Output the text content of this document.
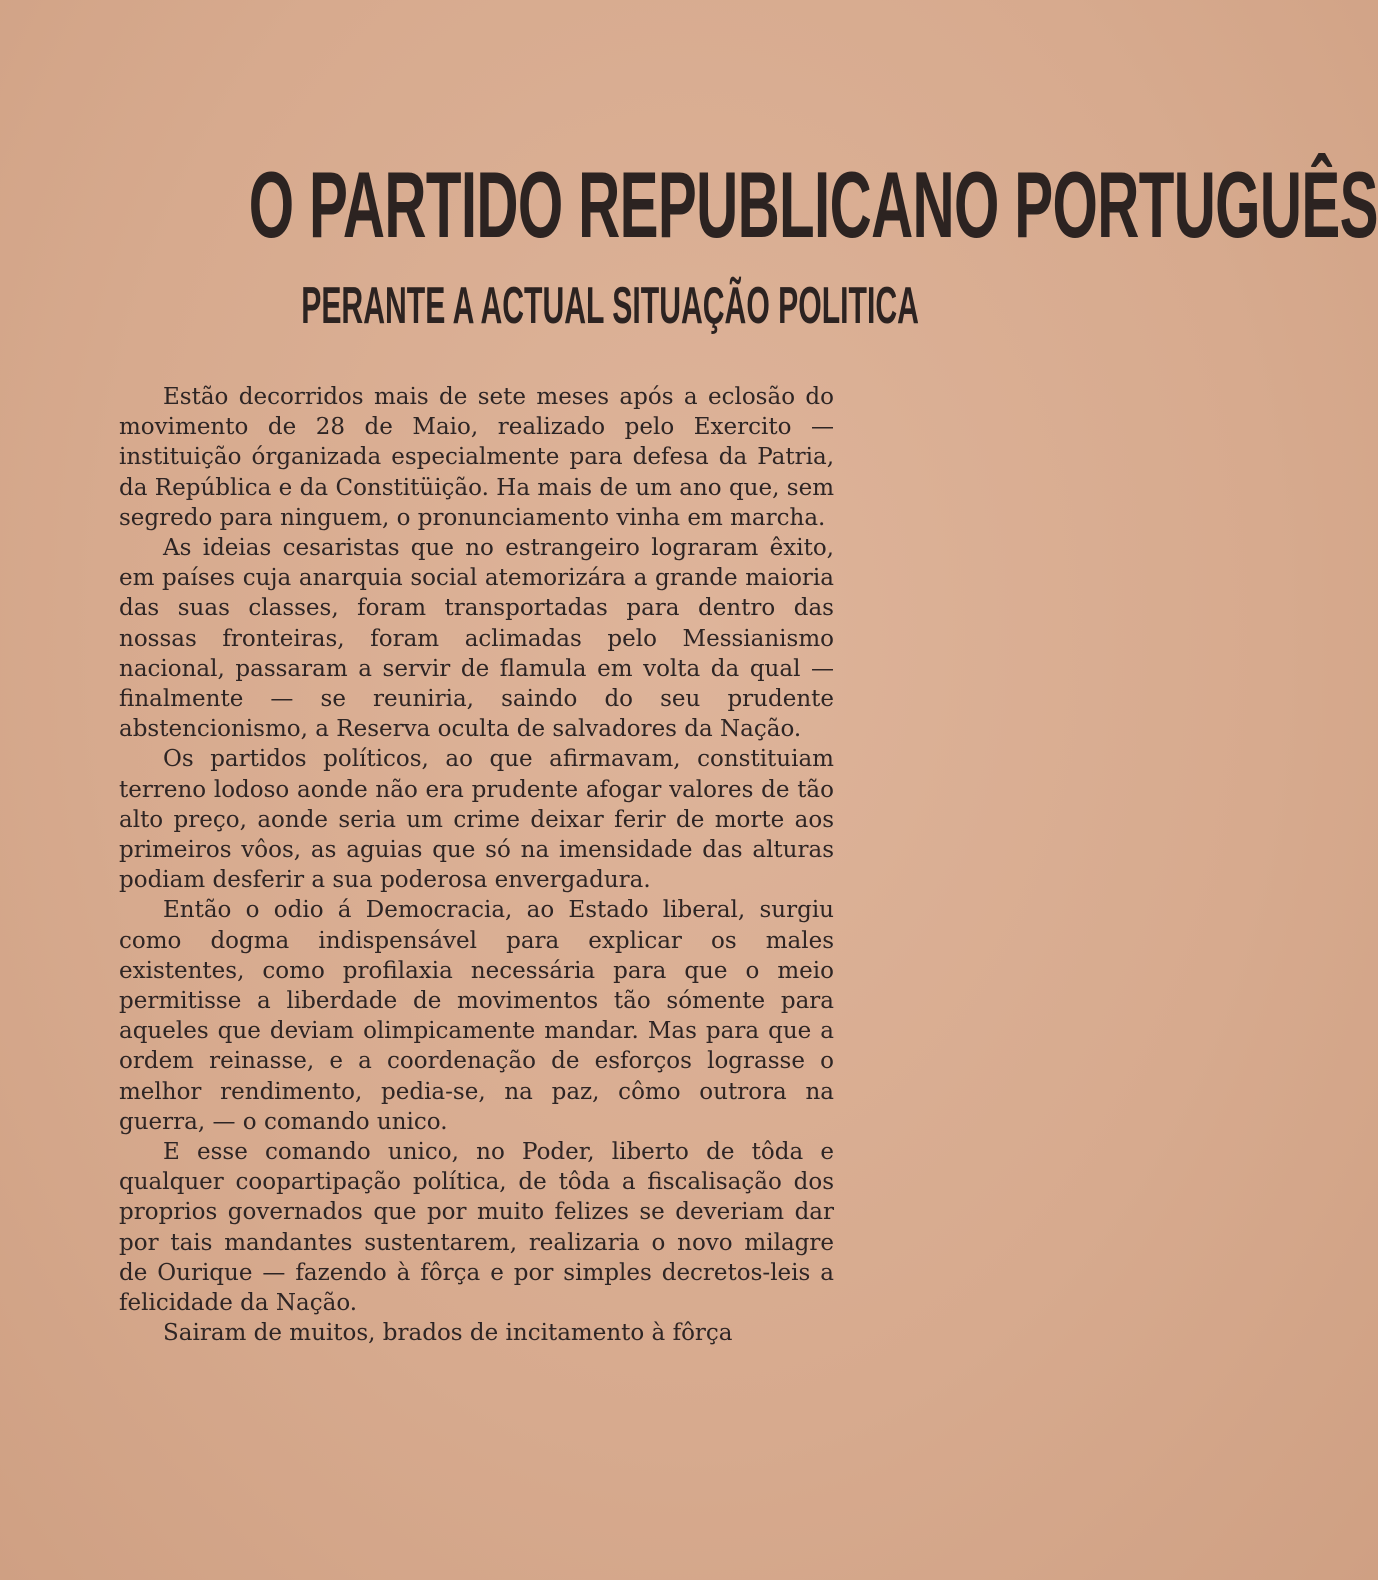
O PARTIDO REPUBLICANO PORTUGUÊS
PERANTE A ACTUAL SITUAÇÃO POLITICA

Estão decorridos mais de sete meses após a eclosão do movimento de 28 de Maio, realizado pelo Exercito — instituição órganizada especialmente para defesa da Patria, da República e da Constitüição. Ha mais de um ano que, sem segredo para ninguem, o pronunciamento vinha em marcha.

As ideias cesaristas que no estrangeiro lograram êxito, em países cuja anarquia social atemorizára a grande maioria das suas classes, foram transportadas para dentro das nossas fronteiras, foram aclimadas pelo Messianismo nacional, passaram a servir de flamula em volta da qual — finalmente — se reuniria, saindo do seu prudente abstencionismo, a Reserva oculta de salvadores da Nação.

Os partidos políticos, ao que afirmavam, constituiam terreno lodoso aonde não era prudente afogar valores de tão alto preço, aonde seria um crime deixar ferir de morte aos primeiros vôos, as aguias que só na imensidade das alturas podiam desferir a sua poderosa envergadura.

Então o odio á Democracia, ao Estado liberal, surgiu como dogma indispensável para explicar os males existentes, como profilaxia necessária para que o meio permitisse a liberdade de movimentos tão sómente para aqueles que deviam olimpicamente mandar. Mas para que a ordem reinasse, e a coordenação de esforços lograsse o melhor rendimento, pedia-se, na paz, cômo outrora na guerra, — o comando unico.

E esse comando unico, no Poder, liberto de tôda e qualquer coopartipação política, de tôda a fiscalisação dos proprios governados que por muito felizes se deveriam dar por tais mandantes sustentarem, realizaria o novo milagre de Ourique — fazendo à fôrça e por simples decretos-leis a felicidade da Nação.

Sairam de muitos, brados de incitamento à fôrça
